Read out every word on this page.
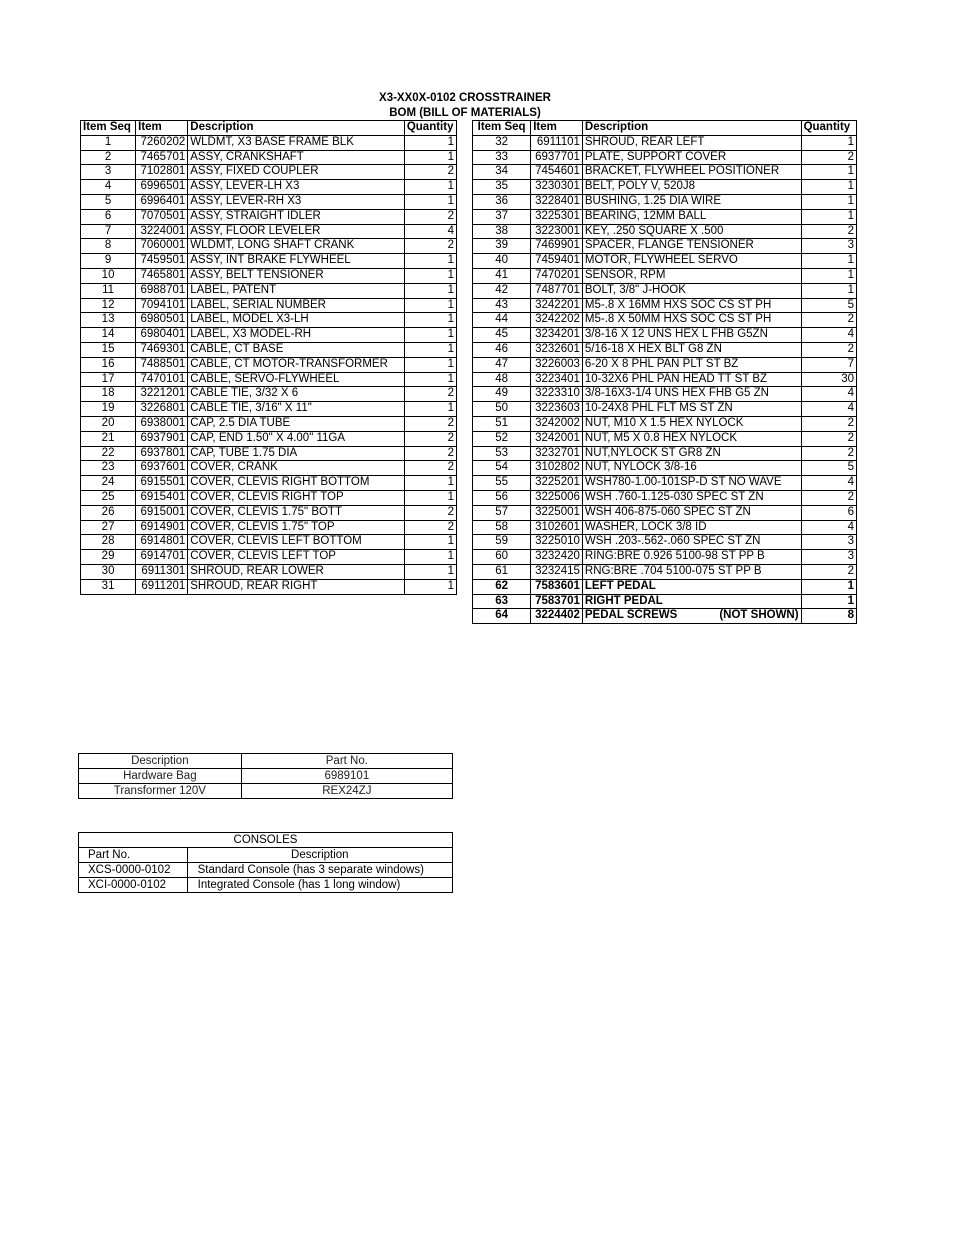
X3-XX0X-0102 CROSSTRAINER
BOM (BILL OF MATERIALS)
Item Seq	Item	Description	Quantity
1	7260202	WLDMT, X3 BASE FRAME BLK	1
2	7465701	ASSY, CRANKSHAFT	1
3	7102801	ASSY, FIXED COUPLER	2
4	6996501	ASSY, LEVER-LH X3	1
5	6996401	ASSY, LEVER-RH X3	1
6	7070501	ASSY, STRAIGHT IDLER	2
7	3224001	ASSY, FLOOR LEVELER	4
8	7060001	WLDMT, LONG SHAFT CRANK	2
9	7459501	ASSY, INT BRAKE FLYWHEEL	1
10	7465801	ASSY, BELT TENSIONER	1
11	6988701	LABEL, PATENT	1
12	7094101	LABEL, SERIAL NUMBER	1
13	6980501	LABEL, MODEL X3-LH	1
14	6980401	LABEL, X3 MODEL-RH	1
15	7469301	CABLE, CT BASE	1
16	7488501	CABLE, CT MOTOR-TRANSFORMER	1
17	7470101	CABLE, SERVO-FLYWHEEL	1
18	3221201	CABLE TIE, 3/32 X 6	2
19	3226801	CABLE TIE, 3/16" X 11"	1
20	6938001	CAP, 2.5 DIA TUBE	2
21	6937901	CAP, END 1.50" X 4.00" 11GA	2
22	6937801	CAP, TUBE 1.75 DIA	2
23	6937601	COVER, CRANK	2
24	6915501	COVER, CLEVIS RIGHT BOTTOM	1
25	6915401	COVER, CLEVIS RIGHT TOP	1
26	6915001	COVER, CLEVIS 1.75" BOTT	2
27	6914901	COVER, CLEVIS 1.75" TOP	2
28	6914801	COVER, CLEVIS LEFT BOTTOM	1
29	6914701	COVER, CLEVIS LEFT TOP	1
30	6911301	SHROUD, REAR LOWER	1
31	6911201	SHROUD, REAR RIGHT	1
Item Seq	Item	Description	Quantity
32	6911101	SHROUD, REAR LEFT	1
33	6937701	PLATE, SUPPORT COVER	2
34	7454601	BRACKET, FLYWHEEL POSITIONER	1
35	3230301	BELT, POLY V, 520J8	1
36	3228401	BUSHING, 1.25 DIA WIRE	1
37	3225301	BEARING, 12MM BALL	1
38	3223001	KEY, .250 SQUARE X .500	2
39	7469901	SPACER, FLANGE TENSIONER	3
40	7459401	MOTOR, FLYWHEEL SERVO	1
41	7470201	SENSOR, RPM	1
42	7487701	BOLT, 3/8" J-HOOK	1
43	3242201	M5-.8 X 16MM HXS SOC CS ST PH	5
44	3242202	M5-.8 X 50MM HXS SOC CS ST PH	2
45	3234201	3/8-16 X 12 UNS HEX L FHB G5ZN	4
46	3232601	5/16-18 X HEX BLT G8 ZN	2
47	3226003	6-20 X 8 PHL PAN PLT ST BZ	7
48	3223401	10-32X6 PHL PAN HEAD TT ST BZ	30
49	3223310	3/8-16X3-1/4 UNS HEX FHB G5 ZN	4
50	3223603	10-24X8 PHL FLT MS ST ZN	4
51	3242002	NUT, M10 X 1.5 HEX NYLOCK	2
52	3242001	NUT, M5 X 0.8 HEX NYLOCK	2
53	3232701	NUT,NYLOCK ST GR8 ZN	2
54	3102802	NUT, NYLOCK 3/8-16	5
55	3225201	WSH780-1.00-101SP-D ST NO WAVE	4
56	3225006	WSH .760-1.125-030 SPEC ST ZN	2
57	3225001	WSH 406-875-060 SPEC ST ZN	6
58	3102601	WASHER, LOCK 3/8 ID	4
59	3225010	WSH .203-.562-.060 SPEC ST ZN	3
60	3232420	RING:BRE 0.926 5100-98 ST PP B	3
61	3232415	RNG:BRE .704 5100-075 ST PP B	2
62	7583601	LEFT PEDAL	1
63	7583701	RIGHT PEDAL	1
64	3224402	PEDAL SCREWS (NOT SHOWN)	8
Description	Part No.
Hardware Bag	6989101
Transformer 120V	REX24ZJ
CONSOLES	
Part No.	Description
XCS-0000-0102	Standard Console (has 3 separate windows)
XCI-0000-0102	Integrated Console (has 1 long window)
